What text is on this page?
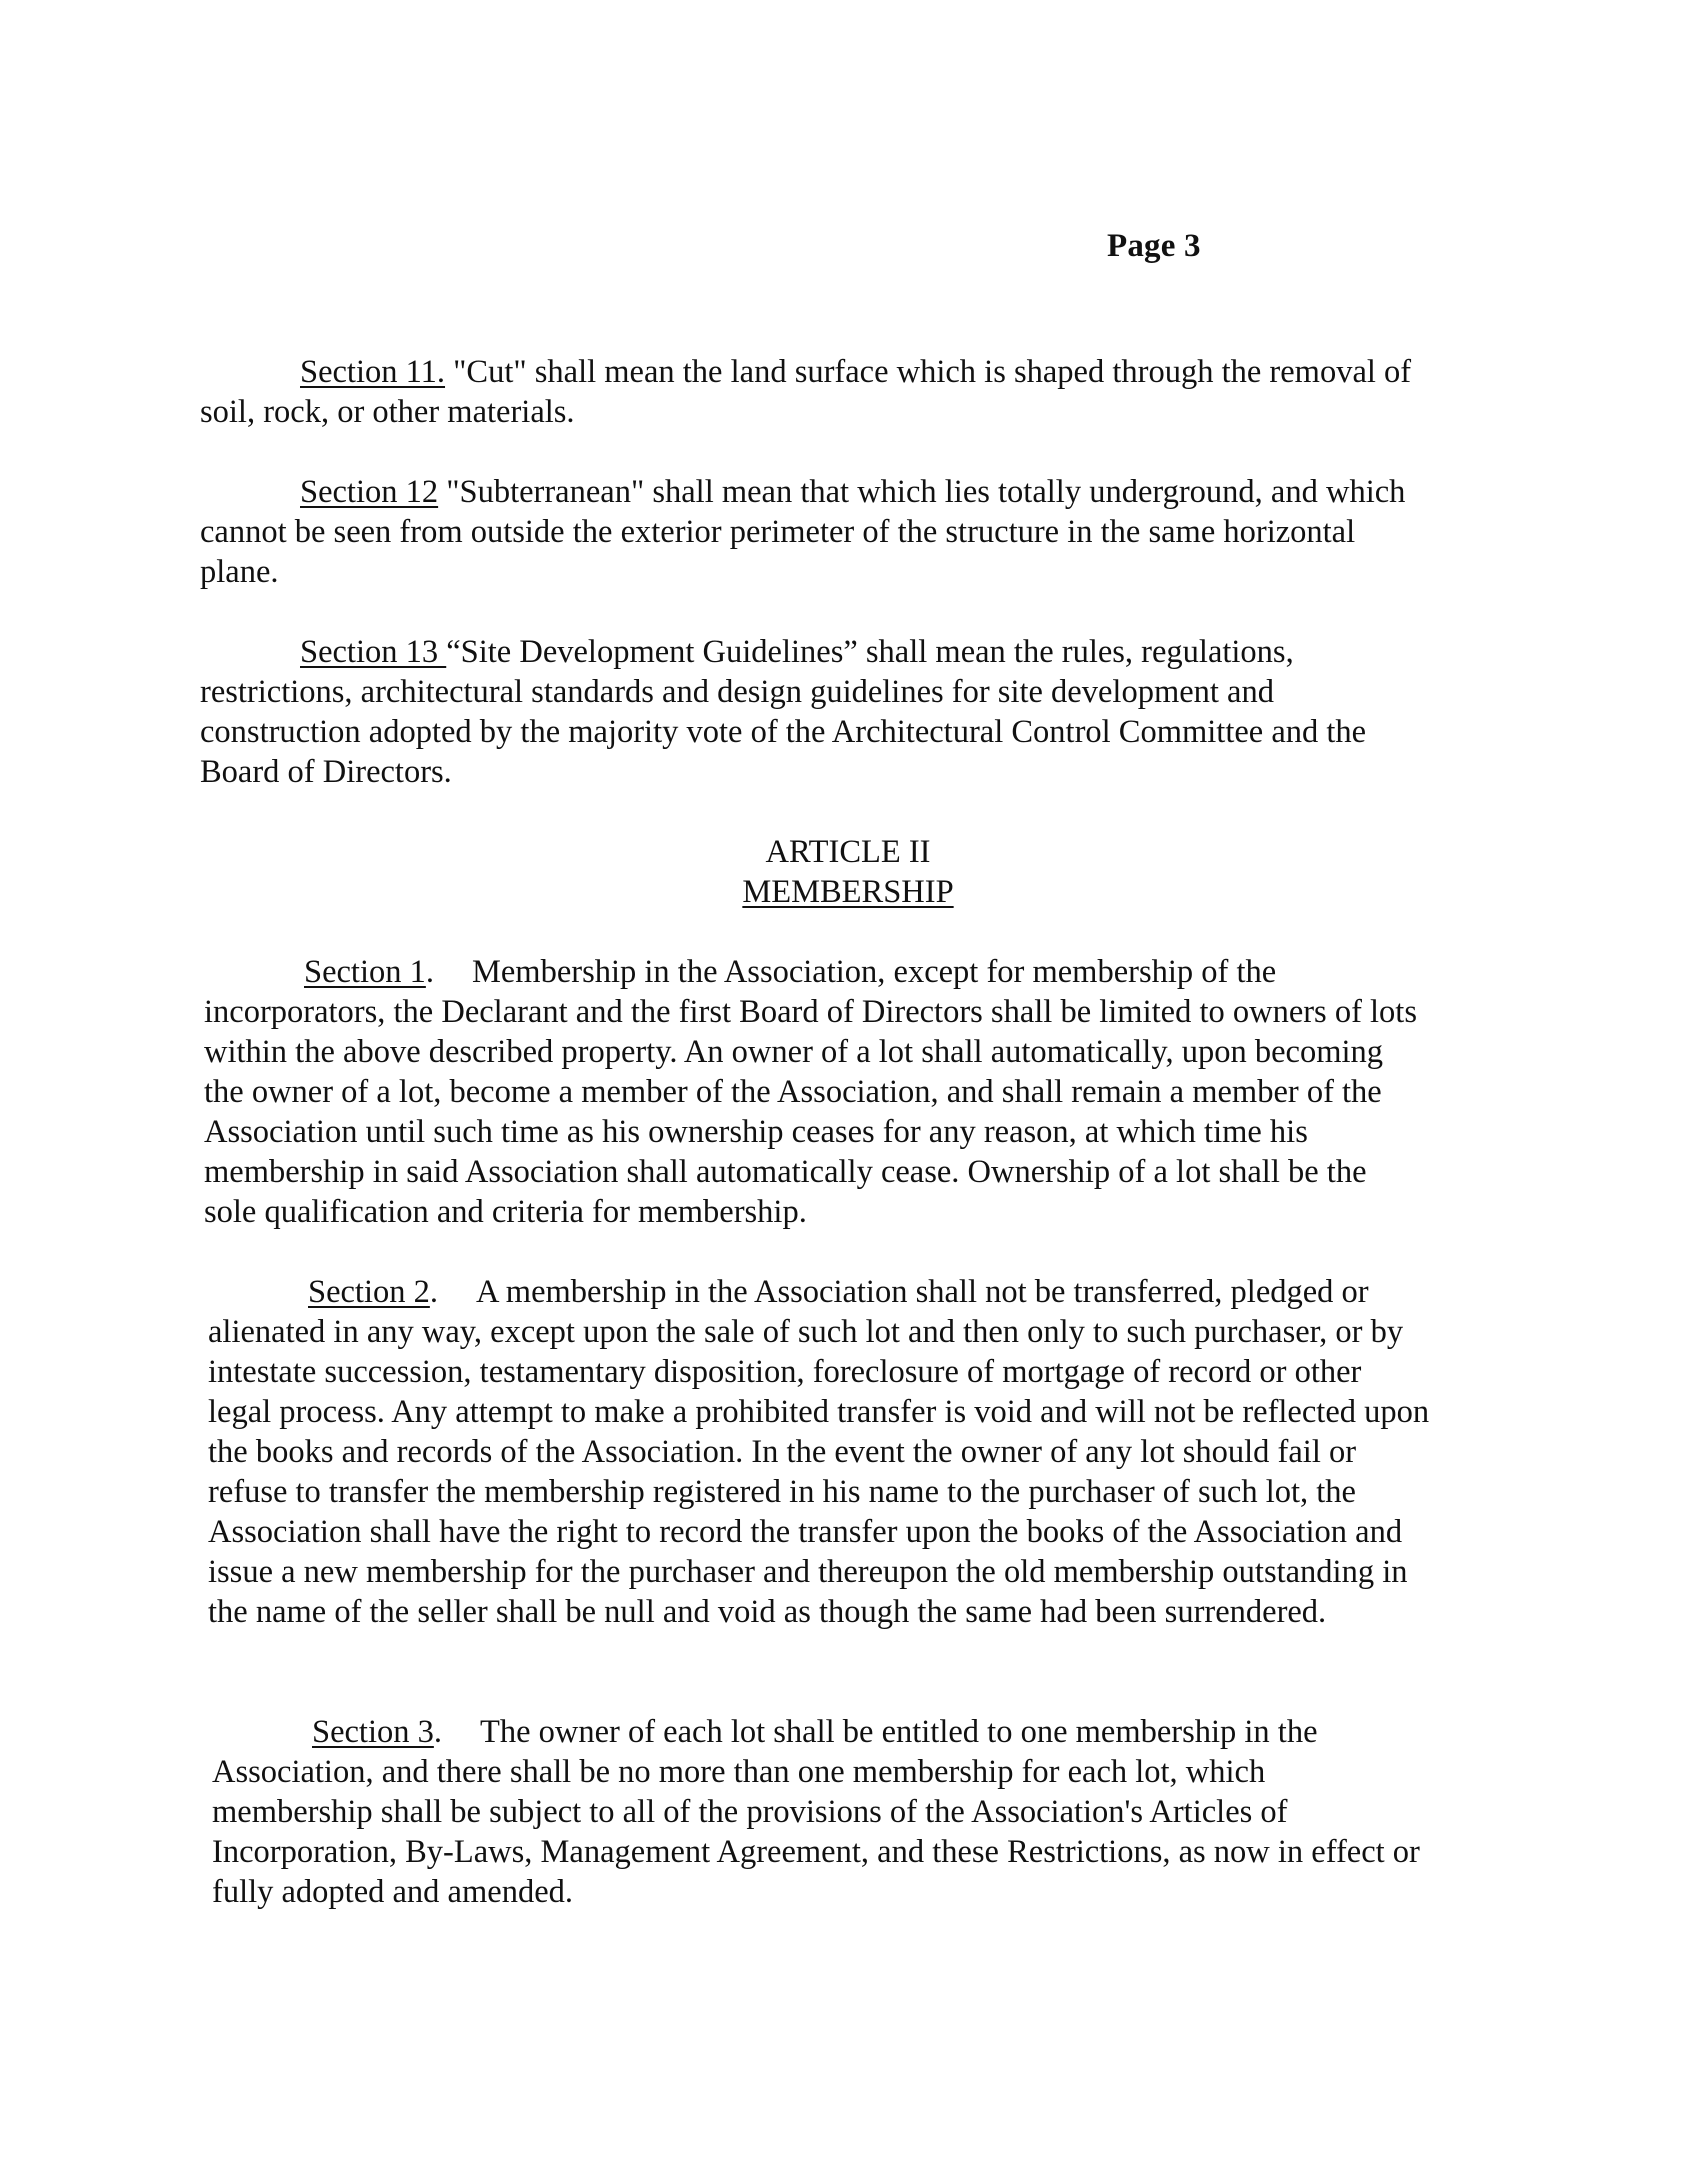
Page 3

Section 11. "Cut" shall mean the land surface which is shaped through the removal of soil, rock, or other materials.

Section 12 "Subterranean" shall mean that which lies totally underground, and which cannot be seen from outside the exterior perimeter of the structure in the same horizontal plane.

Section 13 “Site Development Guidelines” shall mean the rules, regulations, restrictions, architectural standards and design guidelines for site development and construction adopted by the majority vote of the Architectural Control Committee and the Board of Directors.

ARTICLE II
MEMBERSHIP

Section 1. Membership in the Association, except for membership of the incorporators, the Declarant and the first Board of Directors shall be limited to owners of lots within the above described property. An owner of a lot shall automatically, upon becoming the owner of a lot, become a member of the Association, and shall remain a member of the Association until such time as his ownership ceases for any reason, at which time his membership in said Association shall automatically cease. Ownership of a lot shall be the sole qualification and criteria for membership.

Section 2. A membership in the Association shall not be transferred, pledged or alienated in any way, except upon the sale of such lot and then only to such purchaser, or by intestate succession, testamentary disposition, foreclosure of mortgage of record or other legal process. Any attempt to make a prohibited transfer is void and will not be reflected upon the books and records of the Association. In the event the owner of any lot should fail or refuse to transfer the membership registered in his name to the purchaser of such lot, the Association shall have the right to record the transfer upon the books of the Association and issue a new membership for the purchaser and thereupon the old membership outstanding in the name of the seller shall be null and void as though the same had been surrendered.

Section 3. The owner of each lot shall be entitled to one membership in the Association, and there shall be no more than one membership for each lot, which membership shall be subject to all of the provisions of the Association's Articles of Incorporation, By-Laws, Management Agreement, and these Restrictions, as now in effect or fully adopted and amended.
